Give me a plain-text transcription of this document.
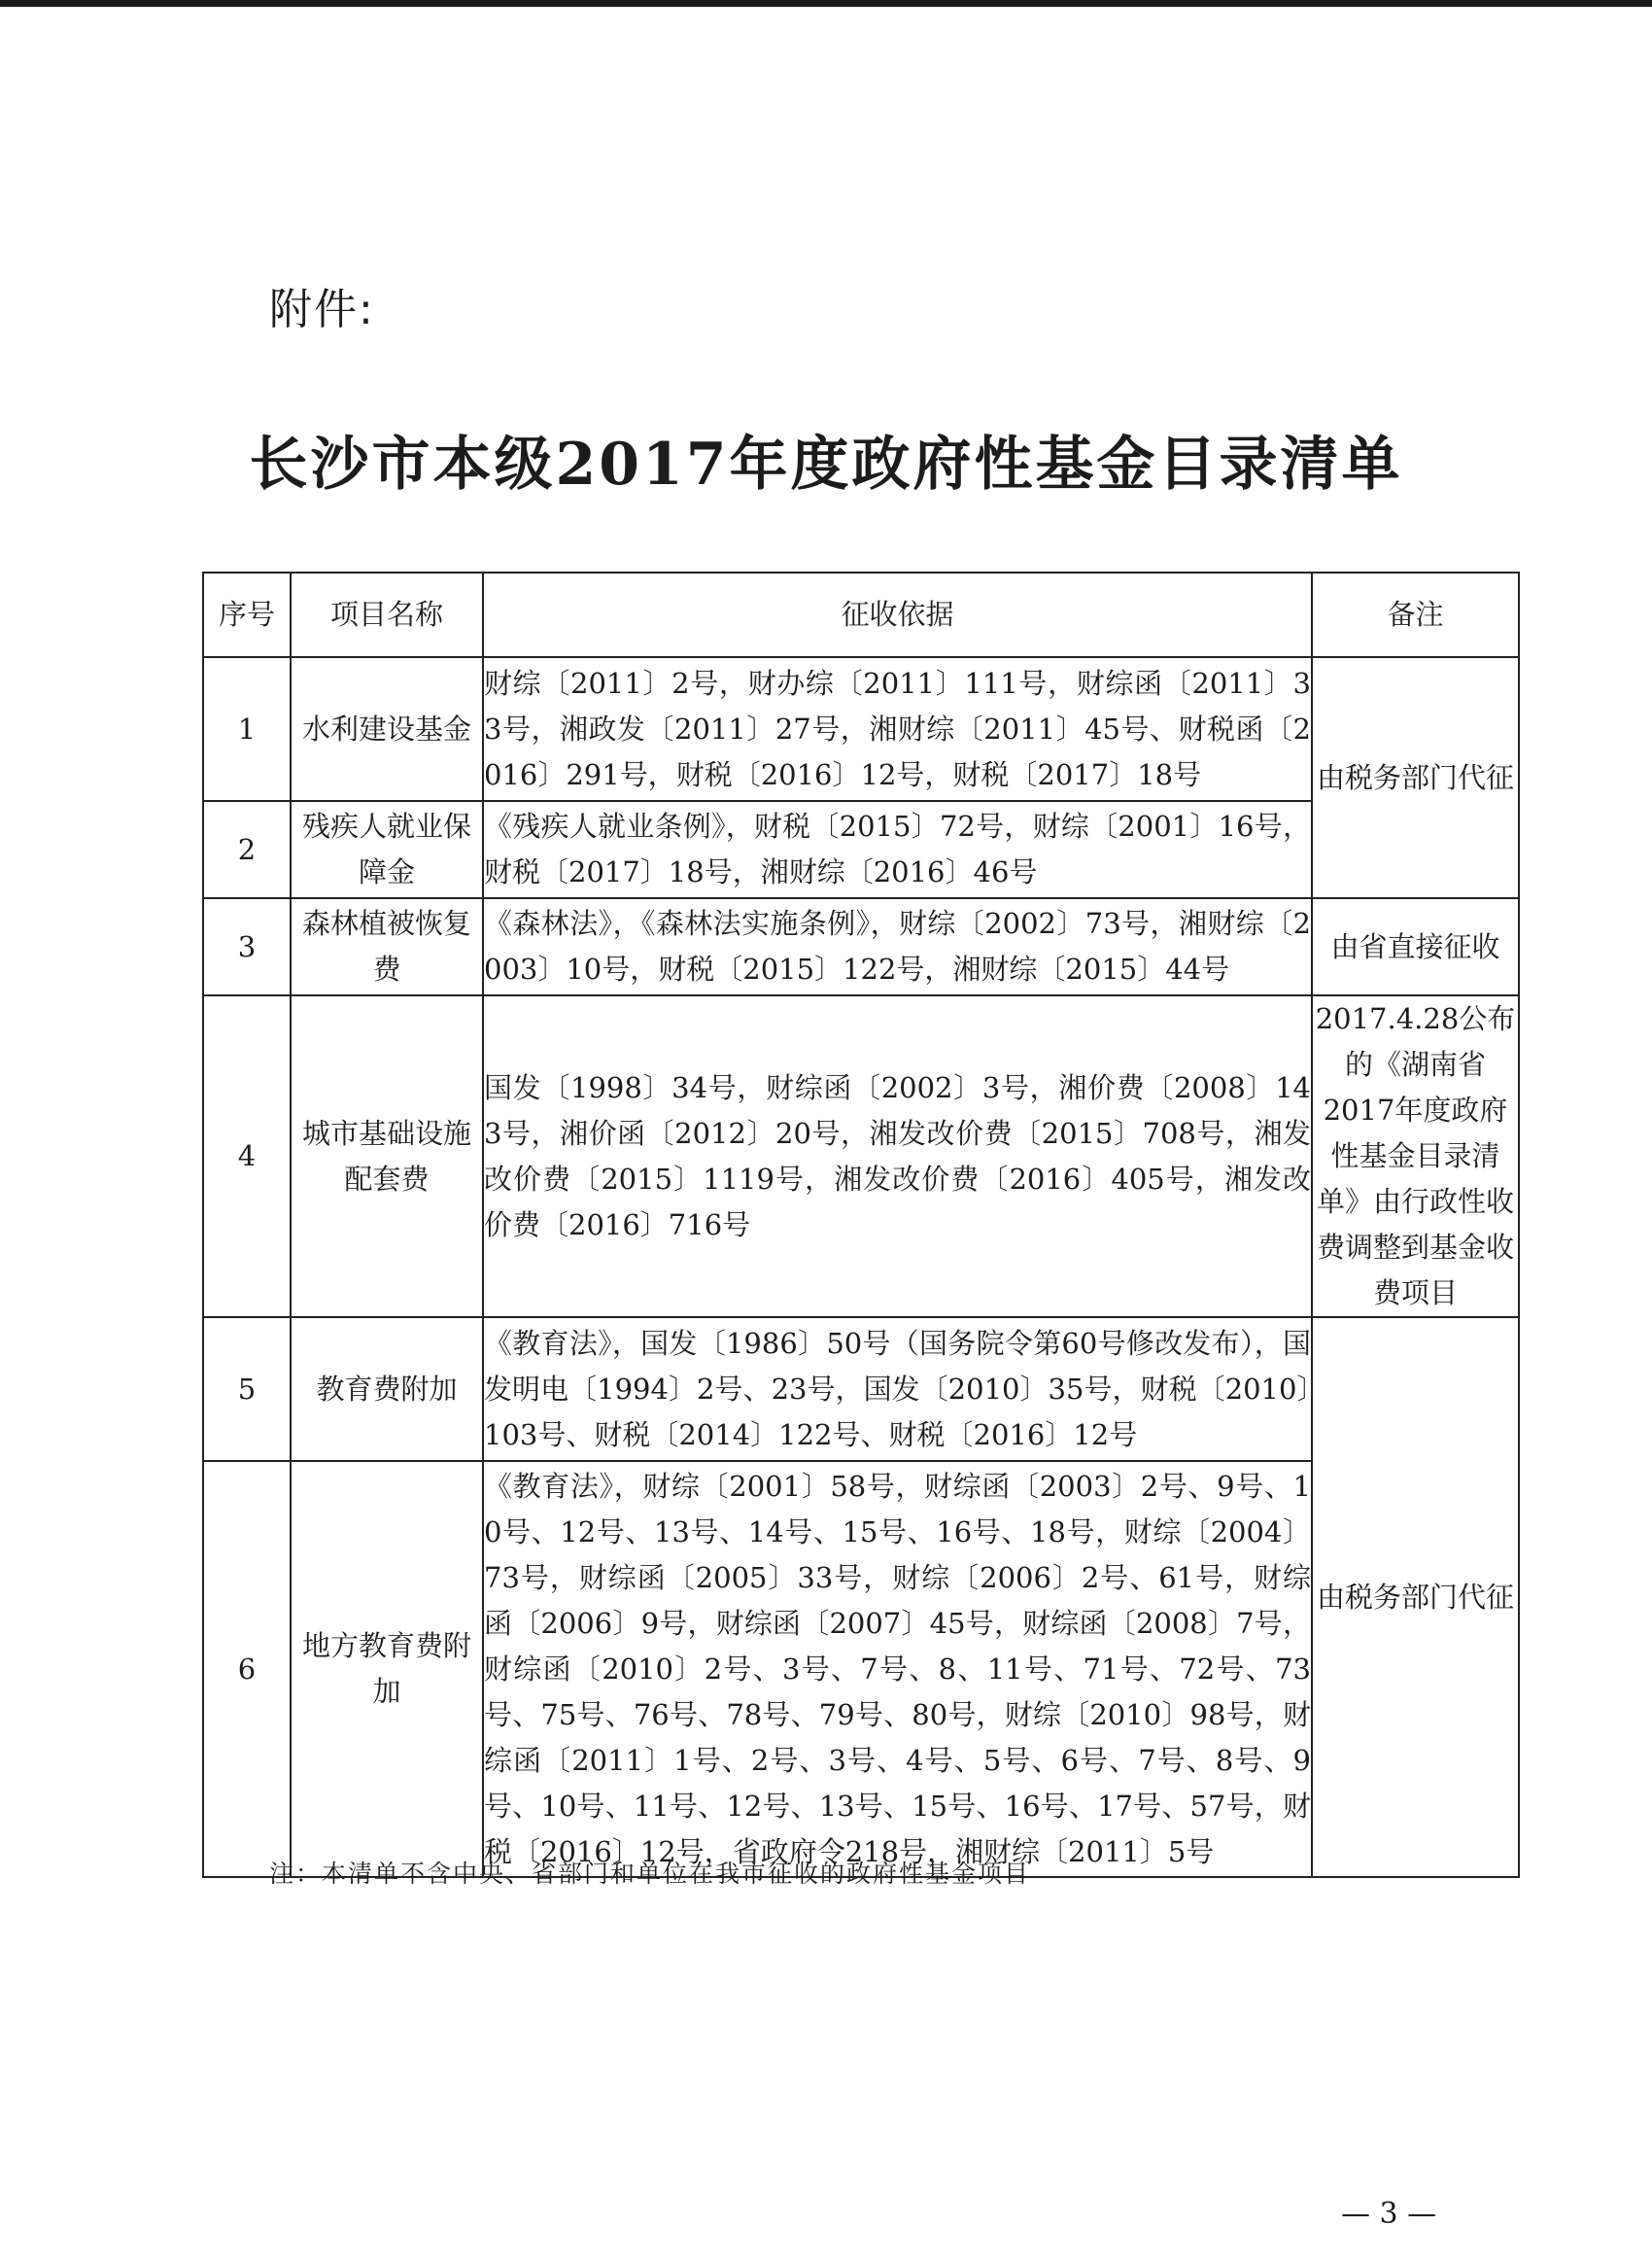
附件:
长沙市本级2017年度政府性基金目录清单
序号	项目名称	征收依据	备注
1	水利建设基金	财综〔2011〕2号，财办综〔2011〕111号，财综函〔2011〕33号，湘政发〔2011〕27号，湘财综〔2011〕45号、财税函〔2016〕291号，财税〔2016〕12号，财税〔2017〕18号	由税务部门代征
2	残疾人就业保障金	《残疾人就业条例》，财税〔2015〕72号，财综〔2001〕16号，财税〔2017〕18号，湘财综〔2016〕46号	
3	森林植被恢复费	《森林法》，《森林法实施条例》，财综〔2002〕73号，湘财综〔2003〕10号，财税〔2015〕122号，湘财综〔2015〕44号	由省直接征收
4	城市基础设施配套费	国发〔1998〕34号，财综函〔2002〕3号，湘价费〔2008〕143号，湘价函〔2012〕20号，湘发改价费〔2015〕708号，湘发改价费〔2015〕1119号，湘发改价费〔2016〕405号，湘发改价费〔2016〕716号	2017.4.28公布的《湖南省2017年度政府性基金目录清单》由行政性收费调整到基金收费项目
5	教育费附加	《教育法》，国发〔1986〕50号（国务院令第60号修改发布），国发明电〔1994〕2号、23号，国发〔2010〕35号，财税〔2010〕103号、财税〔2014〕122号、财税〔2016〕12号	由税务部门代征
6	地方教育费附加	《教育法》，财综〔2001〕58号，财综函〔2003〕2号、9号、10号、12号、13号、14号、15号、16号、18号，财综〔2004〕73号，财综函〔2005〕33号，财综〔2006〕2号、61号，财综函〔2006〕9号，财综函〔2007〕45号，财综函〔2008〕7号，财综函〔2010〕2号、3号、7号、8、11号、71号、72号、73号、75号、76号、78号、79号、80号，财综〔2010〕98号，财综函〔2011〕1号、2号、3号、4号、5号、6号、7号、8号、9号、10号、11号、12号、13号、15号、16号、17号、57号，财税〔2016〕12号，省政府令218号，湘财综〔2011〕5号	
注：本清单不含中央、省部门和单位在我市征收的政府性基金项目
— 3 —
